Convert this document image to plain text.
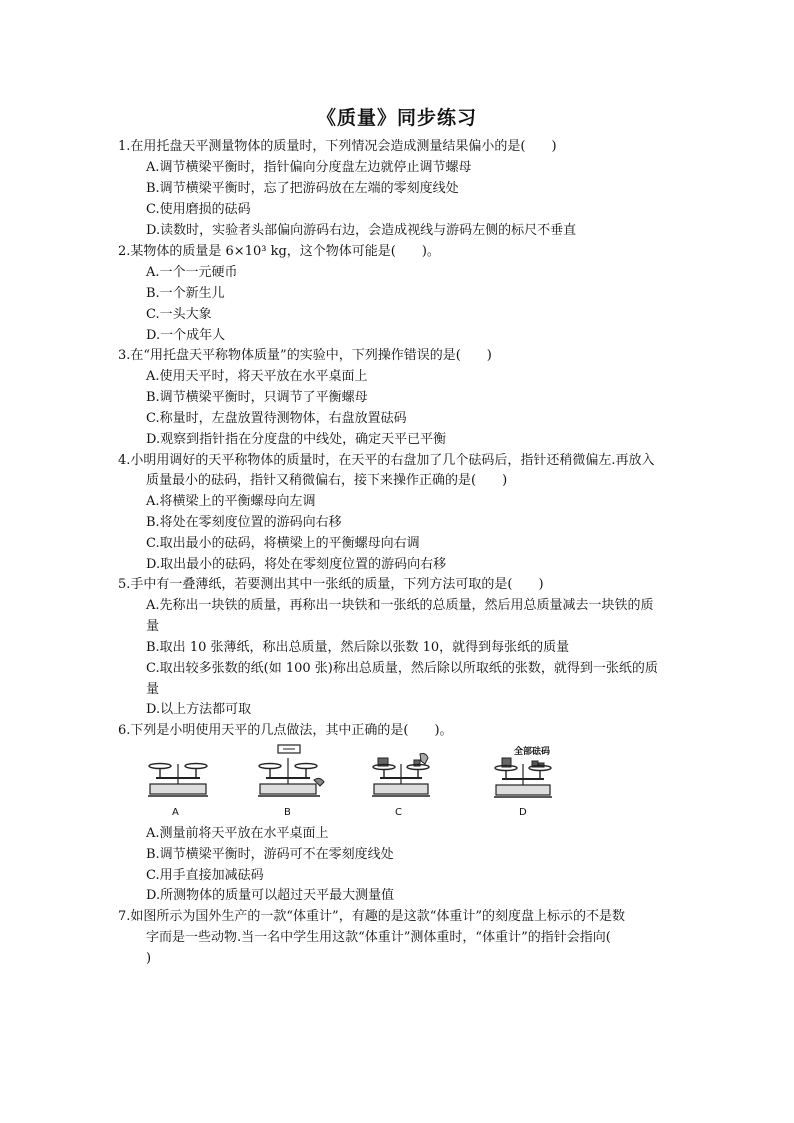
《质量》同步练习
1.在用托盘天平测量物体的质量时，下列情况会造成测量结果偏小的是(　　)
A.调节横梁平衡时，指针偏向分度盘左边就停止调节螺母
B.调节横梁平衡时，忘了把游码放在左端的零刻度线处
C.使用磨损的砝码
D.读数时，实验者头部偏向游码右边，会造成视线与游码左侧的标尺不垂直
2.某物体的质量是 6×10³ kg，这个物体可能是(　　)。
A.一个一元硬币
B.一个新生儿
C.一头大象
D.一个成年人
3.在“用托盘天平称物体质量”的实验中，下列操作错误的是(　　)
A.使用天平时，将天平放在水平桌面上
B.调节横梁平衡时，只调节了平衡螺母
C.称量时，左盘放置待测物体，右盘放置砝码
D.观察到指针指在分度盘的中线处，确定天平已平衡
4.小明用调好的天平称物体的质量时，在天平的右盘加了几个砝码后，指针还稍微偏左.再放入
质量最小的砝码，指针又稍微偏右，接下来操作正确的是(　　)
A.将横梁上的平衡螺母向左调
B.将处在零刻度位置的游码向右移
C.取出最小的砝码，将横梁上的平衡螺母向右调
D.取出最小的砝码，将处在零刻度位置的游码向右移
5.手中有一叠薄纸，若要测出其中一张纸的质量，下列方法可取的是(　　)
A.先称出一块铁的质量，再称出一块铁和一张纸的总质量，然后用总质量减去一块铁的质
量
B.取出 10 张薄纸，称出总质量，然后除以张数 10，就得到每张纸的质量
C.取出较多张数的纸(如 100 张)称出总质量，然后除以所取纸的张数，就得到一张纸的质
量
D.以上方法都可取
6.下列是小明使用天平的几点做法，其中正确的是(　　)。
A	B	C
全部砝码
D
A.测量前将天平放在水平桌面上
B.调节横梁平衡时，游码可不在零刻度线处
C.用手直接加减砝码
D.所测物体的质量可以超过天平最大测量值
7.如图所示为国外生产的一款“体重计”，有趣的是这款“体重计”的刻度盘上标示的不是数
字而是一些动物.当一名中学生用这款“体重计”测体重时，“体重计”的指针会指向(
)
